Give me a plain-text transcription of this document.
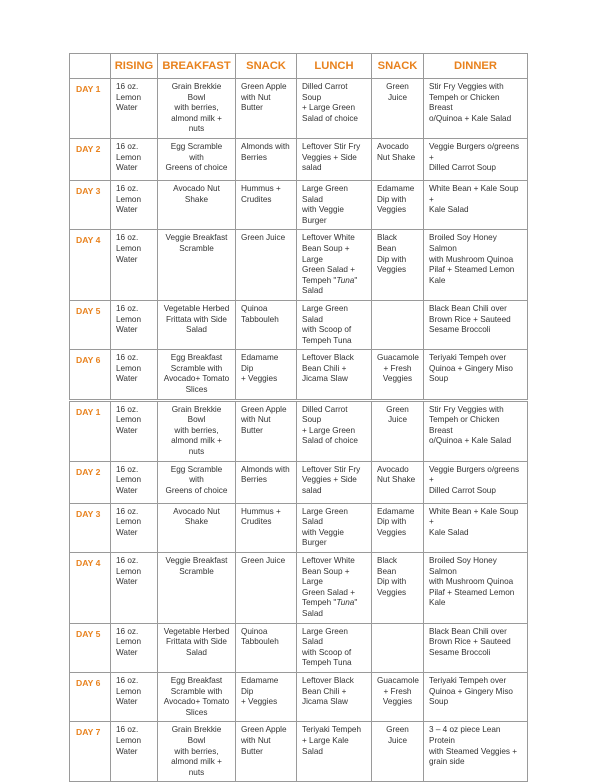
	RISING	BREAKFAST	SNACK	LUNCH	SNACK	DINNER
DAY 1	16 oz.
Lemon
Water	Grain Brekkie Bowl
with berries,
almond milk + nuts	Green Apple
with Nut
Butter	Dilled Carrot Soup
+ Large Green
Salad of choice	Green Juice	Stir Fry Veggies with
Tempeh or Chicken Breast
o/Quinoa + Kale Salad
DAY 2	16 oz.
Lemon
Water	Egg Scramble with
Greens of choice	Almonds with
Berries	Leftover Stir Fry
Veggies + Side
salad	Avocado
Nut Shake	Veggie Burgers o/greens +
Dilled Carrot Soup
DAY 3	16 oz.
Lemon
Water	Avocado Nut
Shake	Hummus +
Crudites	Large Green Salad
with Veggie
Burger	Edamame
Dip with
Veggies	White Bean + Kale Soup +
Kale Salad
DAY 4	16 oz.
Lemon
Water	Veggie Breakfast
Scramble	Green Juice	Leftover White
Bean Soup + Large
Green Salad +
Tempeh "Tuna"
Salad	Black Bean
Dip with
Veggies	Broiled Soy Honey Salmon
with Mushroom Quinoa
Pilaf + Steamed Lemon
Kale
DAY 5	16 oz.
Lemon
Water	Vegetable Herbed
Frittata with Side
Salad	Quinoa
Tabbouleh	Large Green Salad
with Scoop of
Tempeh Tuna		Black Bean Chili over
Brown Rice + Sauteed
Sesame Broccoli
DAY 6	16 oz.
Lemon
Water	Egg Breakfast
Scramble with
Avocado+ Tomato
Slices	Edamame Dip
+ Veggies	Leftover Black
Bean Chili +
Jicama Slaw	Guacamole
+ Fresh
Veggies	Teriyaki Tempeh over
Quinoa + Gingery Miso
Soup
DAY 1	16 oz.
Lemon
Water	Grain Brekkie Bowl
with berries,
almond milk + nuts	Green Apple
with Nut
Butter	Dilled Carrot Soup
+ Large Green
Salad of choice	Green Juice	Stir Fry Veggies with
Tempeh or Chicken Breast
o/Quinoa + Kale Salad
DAY 2	16 oz.
Lemon
Water	Egg Scramble with
Greens of choice	Almonds with
Berries	Leftover Stir Fry
Veggies + Side
salad	Avocado
Nut Shake	Veggie Burgers o/greens +
Dilled Carrot Soup
DAY 3	16 oz.
Lemon
Water	Avocado Nut
Shake	Hummus +
Crudites	Large Green Salad
with Veggie
Burger	Edamame
Dip with
Veggies	White Bean + Kale Soup +
Kale Salad
DAY 4	16 oz.
Lemon
Water	Veggie Breakfast
Scramble	Green Juice	Leftover White
Bean Soup + Large
Green Salad +
Tempeh "Tuna"
Salad	Black Bean
Dip with
Veggies	Broiled Soy Honey Salmon
with Mushroom Quinoa
Pilaf + Steamed Lemon
Kale
DAY 5	16 oz.
Lemon
Water	Vegetable Herbed
Frittata with Side
Salad	Quinoa
Tabbouleh	Large Green Salad
with Scoop of
Tempeh Tuna		Black Bean Chili over
Brown Rice + Sauteed
Sesame Broccoli
DAY 6	16 oz.
Lemon
Water	Egg Breakfast
Scramble with
Avocado+ Tomato
Slices	Edamame Dip
+ Veggies	Leftover Black
Bean Chili +
Jicama Slaw	Guacamole
+ Fresh
Veggies	Teriyaki Tempeh over
Quinoa + Gingery Miso
Soup
DAY 7	16 oz.
Lemon
Water	Grain Brekkie Bowl
with berries,
almond milk + nuts	Green Apple
with Nut
Butter	Teriyaki Tempeh
+ Large Kale
Salad	Green Juice	3 – 4 oz piece Lean Protein
with Steamed Veggies +
grain side
